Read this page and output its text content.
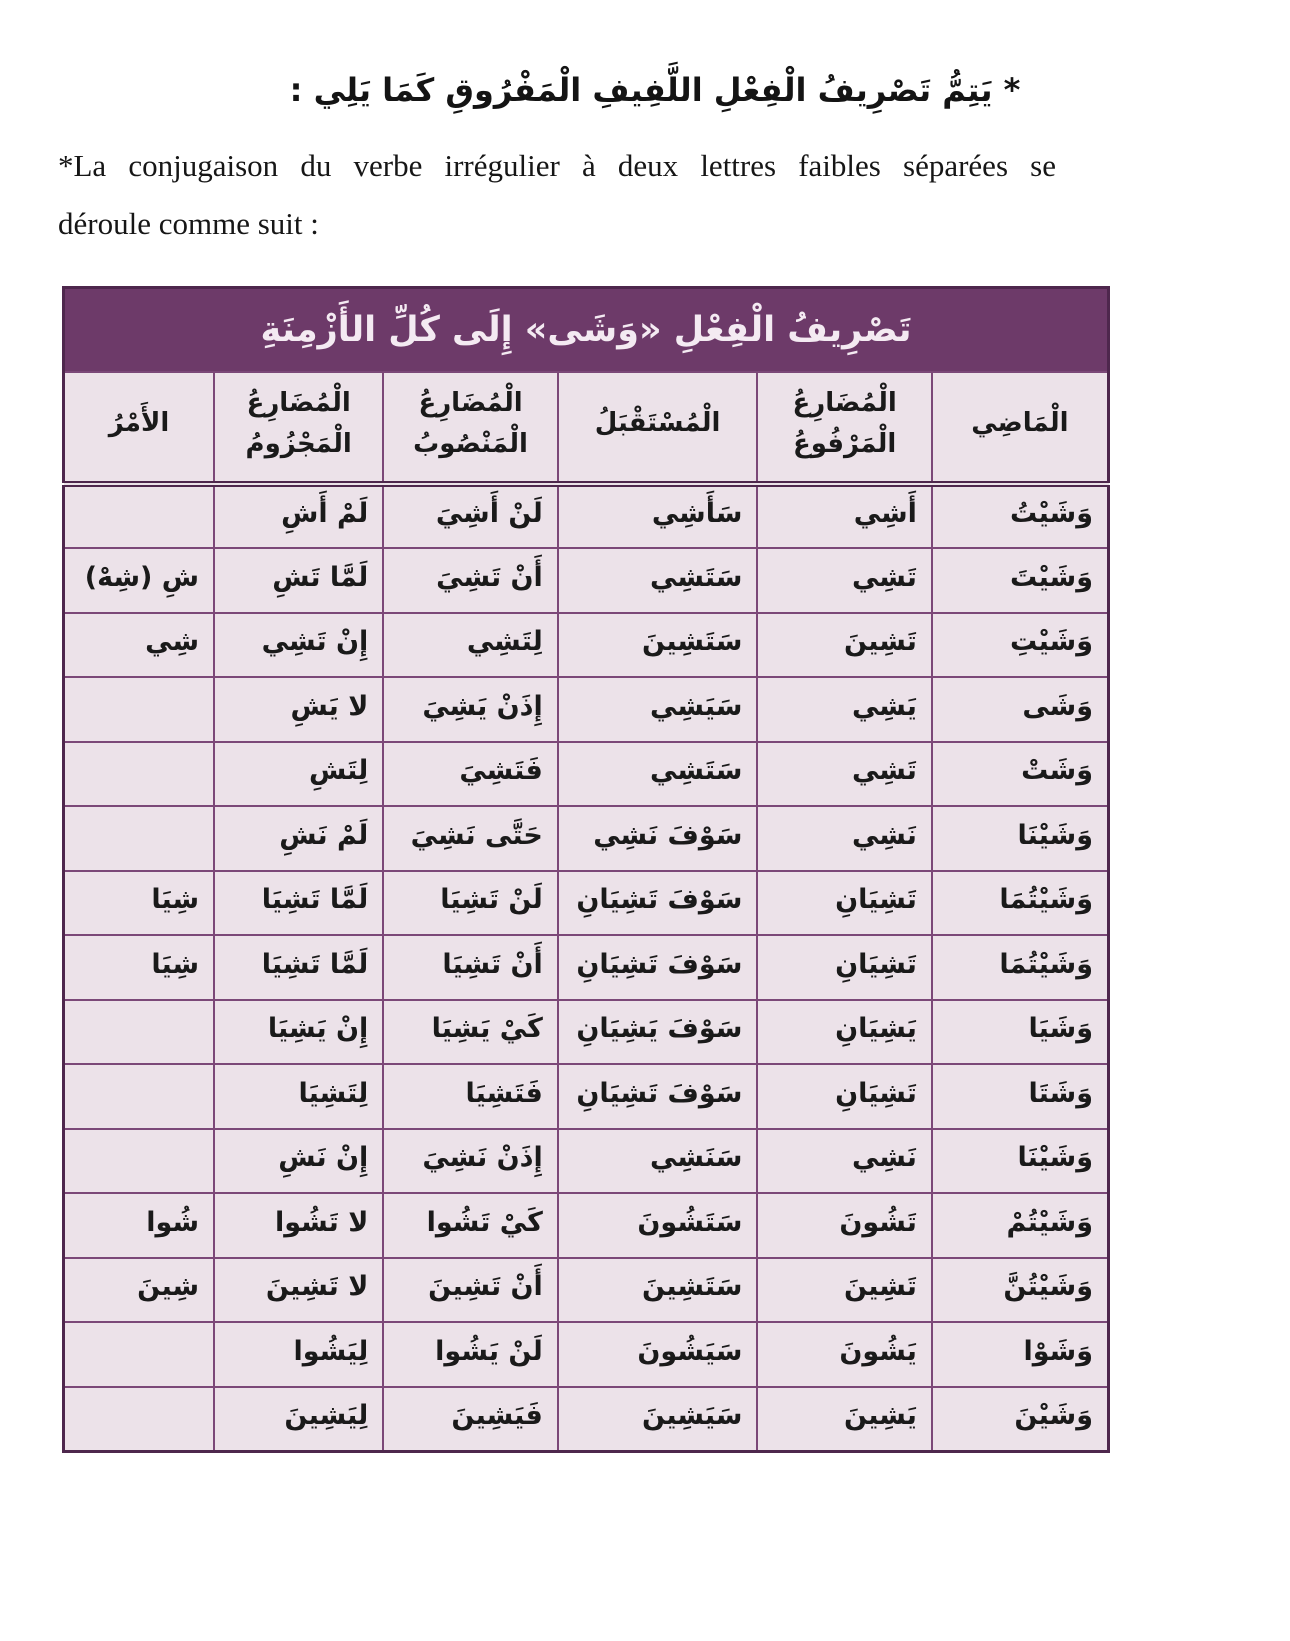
* يَتِمُّ تَصْرِيفُ الْفِعْلِ اللَّفِيفِ الْمَفْرُوقِ كَمَا يَلِي :
*La conjugaison du verbe irrégulier à deux lettres faibles séparées se
déroule comme suit :
تَصْرِيفُ الْفِعْلِ «وَشَى» إِلَى كُلِّ الأَزْمِنَةِ					
الْمَاضِي	الْمُضَارِعُ الْمَرْفُوعُ	الْمُسْتَقْبَلُ	الْمُضَارِعُ الْمَنْصُوبُ	الْمُضَارِعُ الْمَجْزُومُ	الأَمْرُ
وَشَيْتُ	أَشِي	سَأَشِي	لَنْ أَشِيَ	لَمْ أَشِ	
وَشَيْتَ	تَشِي	سَتَشِي	أَنْ تَشِيَ	لَمَّا تَشِ	شِ (شِهْ)
وَشَيْتِ	تَشِينَ	سَتَشِينَ	لِتَشِي	إِنْ تَشِي	شِي
وَشَى	يَشِي	سَيَشِي	إِذَنْ يَشِيَ	لا يَشِ	
وَشَتْ	تَشِي	سَتَشِي	فَتَشِيَ	لِتَشِ	
وَشَيْنَا	نَشِي	سَوْفَ نَشِي	حَتَّى نَشِيَ	لَمْ نَشِ	
وَشَيْتُمَا	تَشِيَانِ	سَوْفَ تَشِيَانِ	لَنْ تَشِيَا	لَمَّا تَشِيَا	شِيَا
وَشَيْتُمَا	تَشِيَانِ	سَوْفَ تَشِيَانِ	أَنْ تَشِيَا	لَمَّا تَشِيَا	شِيَا
وَشَيَا	يَشِيَانِ	سَوْفَ يَشِيَانِ	كَيْ يَشِيَا	إِنْ يَشِيَا	
وَشَتَا	تَشِيَانِ	سَوْفَ تَشِيَانِ	فَتَشِيَا	لِتَشِيَا	
وَشَيْنَا	نَشِي	سَنَشِي	إِذَنْ نَشِيَ	إِنْ نَشِ	
وَشَيْتُمْ	تَشُونَ	سَتَشُونَ	كَيْ تَشُوا	لا تَشُوا	شُوا
وَشَيْتُنَّ	تَشِينَ	سَتَشِينَ	أَنْ تَشِينَ	لا تَشِينَ	شِينَ
وَشَوْا	يَشُونَ	سَيَشُونَ	لَنْ يَشُوا	لِيَشُوا	
وَشَيْنَ	يَشِينَ	سَيَشِينَ	فَيَشِينَ	لِيَشِينَ	
